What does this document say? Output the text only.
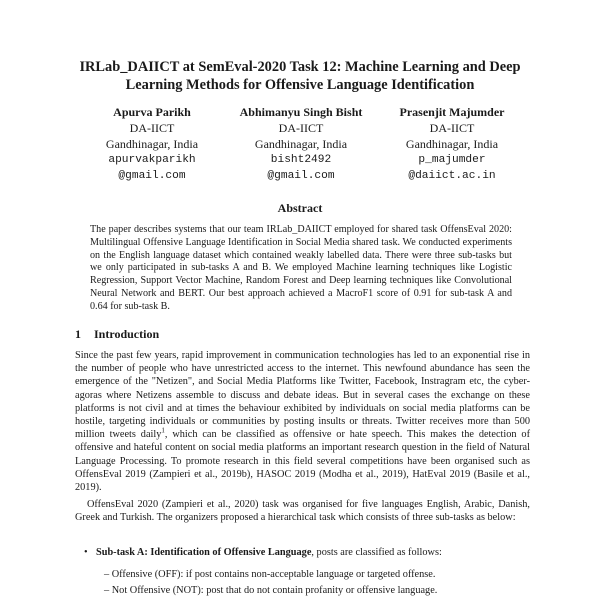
IRLab_DAIICT at SemEval-2020 Task 12: Machine Learning and Deep Learning Methods for Offensive Language Identification
Apurva Parikh
DA-IICT
Gandhinagar, India
apurvakparikh
@gmail.com
Abhimanyu Singh Bisht
DA-IICT
Gandhinagar, India
bisht2492
@gmail.com
Prasenjit Majumder
DA-IICT
Gandhinagar, India
p_majumder
@daiict.ac.in
Abstract

The paper describes systems that our team IRLab_DAIICT employed for shared task OffensEval 2020: Multilingual Offensive Language Identification in Social Media shared task. We conducted experiments on the English language dataset which contained weakly labelled data. There were three sub-tasks but we only participated in sub-tasks A and B. We employed Machine learning techniques like Logistic Regression, Support Vector Machine, Random Forest and Deep learning techniques like Convolutional Neural Network and BERT. Our best approach achieved a MacroF1 score of 0.91 for sub-task A and 0.64 for sub-task B.

1 Introduction

Since the past few years, rapid improvement in communication technologies has led to an exponential rise in the number of people who have unrestricted access to the internet. This newfound abundance has seen the emergence of the "Netizen", and Social Media Platforms like Twitter, Facebook, Instragram etc, the cyber-agoras where Netizens assemble to discuss and debate ideas. But in several cases the exchange on these platforms is not civil and at times the behaviour exhibited by individuals on social media platforms can be hostile, targeting individuals or communities by posting insults or threats. Twitter receives more than 500 million tweets daily$^1$, which can be classified as offensive or hate speech. This makes the detection of offensive and hateful content on social media platforms an important research question in the field of Natural Language Processing. To promote research in this field several competitions have been organised such as OffensEval 2019 (Zampieri et al., 2019b), HASOC 2019 (Modha et al., 2019), HatEval 2019 (Basile et al., 2019).

OffensEval 2020 (Zampieri et al., 2020) task was organised for five languages English, Arabic, Danish, Greek and Turkish. The organizers proposed a hierarchical task which consists of three sub-tasks as below:

• Sub-task A: Identification of Offensive Language, posts are classified as follows:

– Offensive (OFF): if post contains non-acceptable language or targeted offense.

– Not Offensive (NOT): post that do not contain profanity or offensive language.
